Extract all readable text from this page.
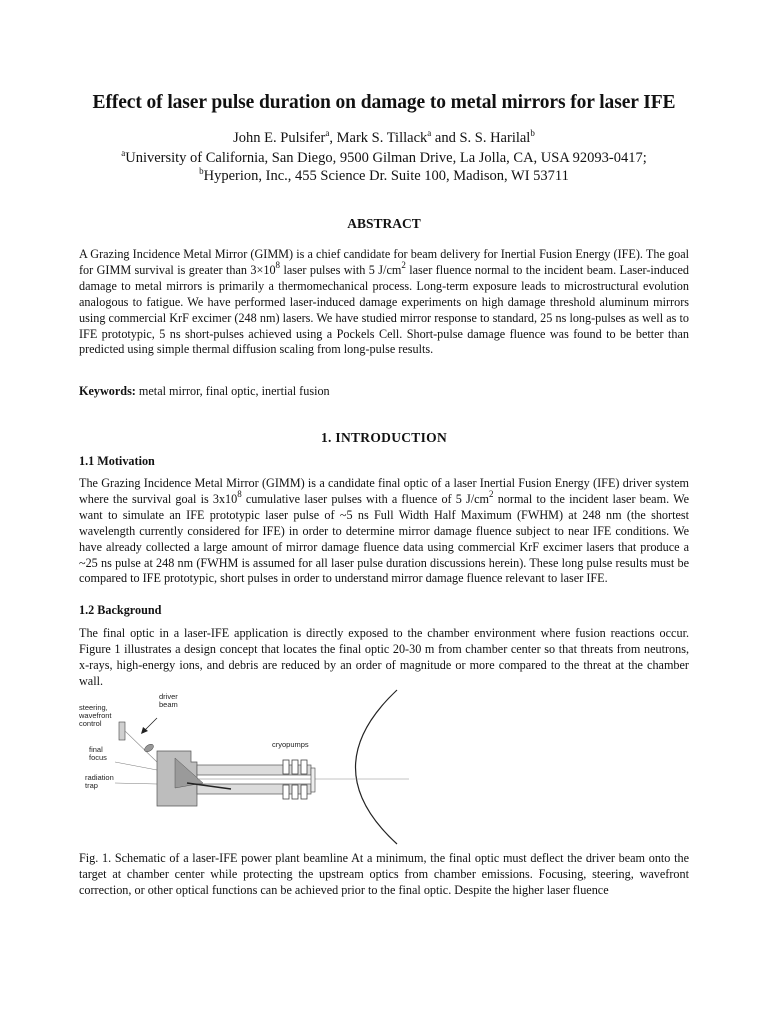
Effect of laser pulse duration on damage to metal mirrors for laser IFE
John E. Pulsifer$^a$, Mark S. Tillack$^a$ and S. S. Harilal$^b$
$^a$University of California, San Diego, 9500 Gilman Drive, La Jolla, CA, USA 92093-0417;
$^b$Hyperion, Inc., 455 Science Dr. Suite 100, Madison, WI 53711
ABSTRACT

A Grazing Incidence Metal Mirror (GIMM) is a chief candidate for beam delivery for Inertial Fusion Energy (IFE). The goal for GIMM survival is greater than $3\times 10^8$ laser pulses with 5 $J/cm^2$ laser fluence normal to the incident beam. Laser-induced damage to metal mirrors is primarily a thermomechanical process. Long-term exposure leads to microstructural evolution analogous to fatigue. We have performed laser-induced damage experiments on high damage threshold aluminum mirrors using commercial KrF excimer (248 nm) lasers. We have studied mirror response to standard, 25 ns long-pulses as well as to IFE prototypic, 5 ns short-pulses achieved using a Pockels Cell. Short-pulse damage fluence was found to be better than predicted using simple thermal diffusion scaling from long-pulse results.

Keywords: metal mirror, final optic, inertial fusion
1. INTRODUCTION
1.1 Motivation

The Grazing Incidence Metal Mirror (GIMM) is a candidate final optic of a laser Inertial Fusion Energy (IFE) driver system where the survival goal is $3x10^8$ cumulative laser pulses with a fluence of 5 $J/cm^2$ normal to the incident laser beam. We want to simulate an IFE prototypic laser pulse of ~5 ns Full Width Half Maximum (FWHM) at 248 nm (the shortest wavelength currently considered for IFE) in order to determine mirror damage fluence subject to near IFE conditions. We have already collected a large amount of mirror damage fluence data using commercial KrF excimer lasers that produce a ~25 ns pulse at 248 nm (FWHM is assumed for all laser pulse duration discussions herein). These long pulse results must be compared to IFE prototypic, short pulses in order to understand mirror damage fluence relevant to laser IFE.

1.2 Background

The final optic in a laser-IFE application is directly exposed to the chamber environment where fusion reactions occur. Figure 1 illustrates a design concept that locates the final optic 20-30 m from chamber center so that threats from neutrons, x-rays, high-energy ions, and debris are reduced by an order of magnitude or more compared to the threat at the chamber wall.

driver
beam
steering,
wavefront
control
final
focus
radiation
trap
cryopumps

Fig. 1. Schematic of a laser-IFE power plant beamline At a minimum, the final optic must deflect the driver beam onto the target at chamber center while protecting the upstream optics from chamber emissions. Focusing, steering, wavefront correction, or other optical functions can be achieved prior to the final optic. Despite the higher laser fluence
